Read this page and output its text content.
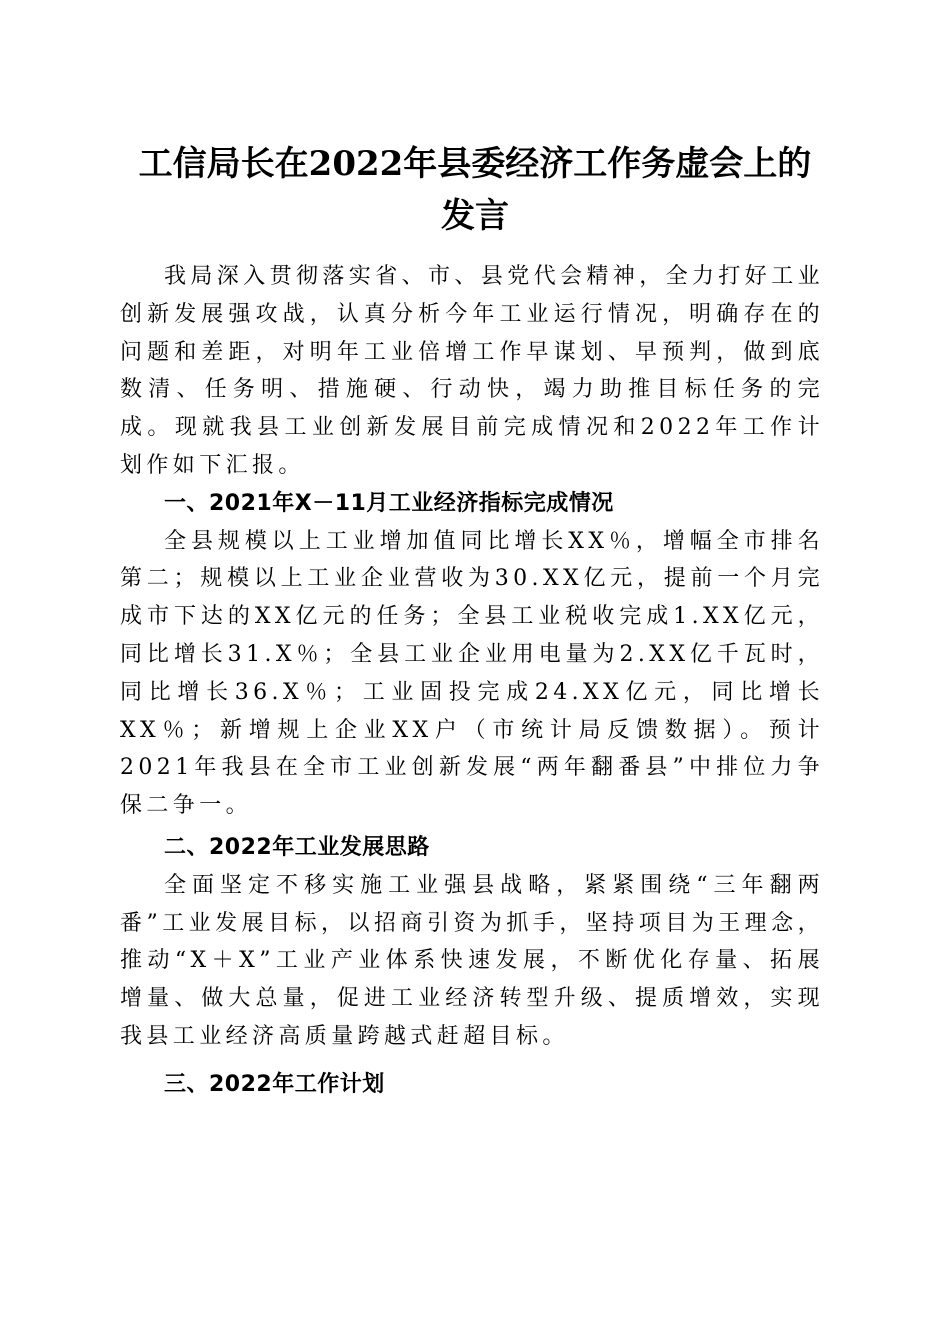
工信局长在2022年县委经济工作务虚会上的
发言

我局深入贯彻落实省、市、县党代会精神，全力打好工业创新发展强攻战，认真分析今年工业运行情况，明确存在的问题和差距，对明年工业倍增工作早谋划、早预判，做到底数清、任务明、措施硬、行动快，竭力助推目标任务的完成。现就我县工业创新发展目前完成情况和2022年工作计划作如下汇报。

一、2021年X－11月工业经济指标完成情况

全县规模以上工业增加值同比增长XX％，增幅全市排名第二；规模以上工业企业营收为30.XX亿元，提前一个月完成市下达的XX亿元的任务；全县工业税收完成1.XX亿元，同比增长31.X％；全县工业企业用电量为2.XX亿千瓦时，同比增长36.X％；工业固投完成24.XX亿元，同比增长XX％；新增规上企业XX户（市统计局反馈数据）。预计2021年我县在全市工业创新发展“两年翻番县”中排位力争保二争一。

二、2022年工业发展思路

全面坚定不移实施工业强县战略，紧紧围绕“三年翻两番”工业发展目标，以招商引资为抓手，坚持项目为王理念，推动“X＋X”工业产业体系快速发展，不断优化存量、拓展增量、做大总量，促进工业经济转型升级、提质增效，实现我县工业经济高质量跨越式赶超目标。

三、2022年工作计划
